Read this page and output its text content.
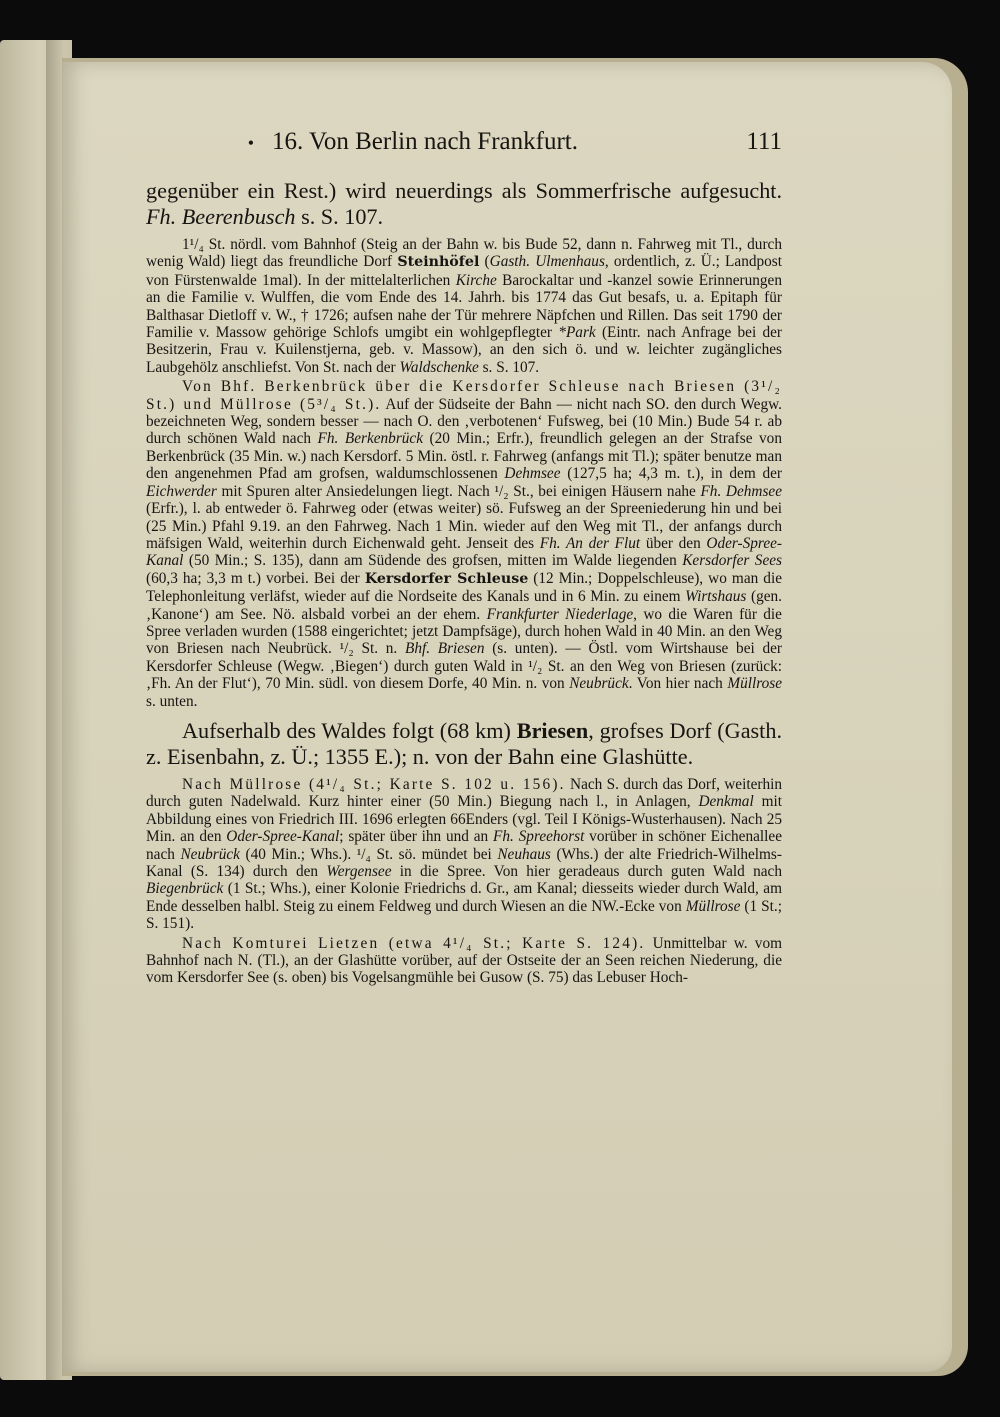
• 16. Von Berlin nach Frankfurt.	111

gegenüber ein Rest.) wird neuerdings als Sommerfrische aufgesucht. Fh. Beerenbusch s. S. 107.

1¹/₄ St. nördl. vom Bahnhof (Steig an der Bahn w. bis Bude 52, dann n. Fahrweg mit Tl., durch wenig Wald) liegt das freundliche Dorf Steinhöfel (Gasth. Ulmenhaus, ordentlich, z. Ü.; Landpost von Fürstenwalde 1mal). In der mittelalterlichen Kirche Barockaltar und -kanzel sowie Erinnerungen an die Familie v. Wulffen, die vom Ende des 14. Jahrh. bis 1774 das Gut besafs, u. a. Epitaph für Balthasar Dietloff v. W., † 1726; aufsen nahe der Tür mehrere Näpfchen und Rillen. Das seit 1790 der Familie v. Massow gehörige Schlofs umgibt ein wohlgepflegter *Park (Eintr. nach Anfrage bei der Besitzerin, Frau v. Kuilenstjerna, geb. v. Massow), an den sich ö. und w. leichter zugängliches Laubgehölz anschliefst. Von St. nach der Waldschenke s. S. 107.

Von Bhf. Berkenbrück über die Kersdorfer Schleuse nach Briesen (3¹/₂ St.) und Müllrose (5³/₄ St.). Auf der Südseite der Bahn — nicht nach SO. den durch Wegw. bezeichneten Weg, sondern besser — nach O. den ‚verbotenen‘ Fufsweg, bei (10 Min.) Bude 54 r. ab durch schönen Wald nach Fh. Berkenbrück (20 Min.; Erfr.), freundlich gelegen an der Strafse von Berkenbrück (35 Min. w.) nach Kersdorf. 5 Min. östl. r. Fahrweg (anfangs mit Tl.); später benutze man den angenehmen Pfad am grofsen, waldumschlossenen Dehmsee (127,5 ha; 4,3 m. t.), in dem der Eichwerder mit Spuren alter Ansiedelungen liegt. Nach ¹/₂ St., bei einigen Häusern nahe Fh. Dehmsee (Erfr.), l. ab entweder ö. Fahrweg oder (etwas weiter) sö. Fufsweg an der Spreeniederung hin und bei (25 Min.) Pfahl 9.19. an den Fahrweg. Nach 1 Min. wieder auf den Weg mit Tl., der anfangs durch mäfsigen Wald, weiterhin durch Eichenwald geht. Jenseit des Fh. An der Flut über den Oder-Spree-Kanal (50 Min.; S. 135), dann am Südende des grofsen, mitten im Walde liegenden Kersdorfer Sees (60,3 ha; 3,3 m t.) vorbei. Bei der Kersdorfer Schleuse (12 Min.; Doppelschleuse), wo man die Telephonleitung verläfst, wieder auf die Nordseite des Kanals und in 6 Min. zu einem Wirtshaus (gen. ‚Kanone‘) am See. Nö. alsbald vorbei an der ehem. Frankfurter Niederlage, wo die Waren für die Spree verladen wurden (1588 eingerichtet; jetzt Dampfsäge), durch hohen Wald in 40 Min. an den Weg von Briesen nach Neubrück. ¹/₂ St. n. Bhf. Briesen (s. unten). — Östl. vom Wirtshause bei der Kersdorfer Schleuse (Wegw. ‚Biegen‘) durch guten Wald in ¹/₂ St. an den Weg von Briesen (zurück: ‚Fh. An der Flut‘), 70 Min. südl. von diesem Dorfe, 40 Min. n. von Neubrück. Von hier nach Müllrose s. unten.

Aufserhalb des Waldes folgt (68 km) Briesen, grofses Dorf (Gasth. z. Eisenbahn, z. Ü.; 1355 E.); n. von der Bahn eine Glashütte.

Nach Müllrose (4¹/₄ St.; Karte S. 102 u. 156). Nach S. durch das Dorf, weiterhin durch guten Nadelwald. Kurz hinter einer (50 Min.) Biegung nach l., in Anlagen, Denkmal mit Abbildung eines von Friedrich III. 1696 erlegten 66Enders (vgl. Teil I Königs-Wusterhausen). Nach 25 Min. an den Oder-Spree-Kanal; später über ihn und an Fh. Spreehorst vorüber in schöner Eichenallee nach Neubrück (40 Min.; Whs.). ¹/₄ St. sö. mündet bei Neuhaus (Whs.) der alte Friedrich-Wilhelms-Kanal (S. 134) durch den Wergensee in die Spree. Von hier geradeaus durch guten Wald nach Biegenbrück (1 St.; Whs.), einer Kolonie Friedrichs d. Gr., am Kanal; diesseits wieder durch Wald, am Ende desselben halbl. Steig zu einem Feldweg und durch Wiesen an die NW.-Ecke von Müllrose (1 St.; S. 151).

Nach Komturei Lietzen (etwa 4¹/₄ St.; Karte S. 124). Unmittelbar w. vom Bahnhof nach N. (Tl.), an der Glashütte vorüber, auf der Ostseite der an Seen reichen Niederung, die vom Kersdorfer See (s. oben) bis Vogelsangmühle bei Gusow (S. 75) das Lebuser Hoch-
